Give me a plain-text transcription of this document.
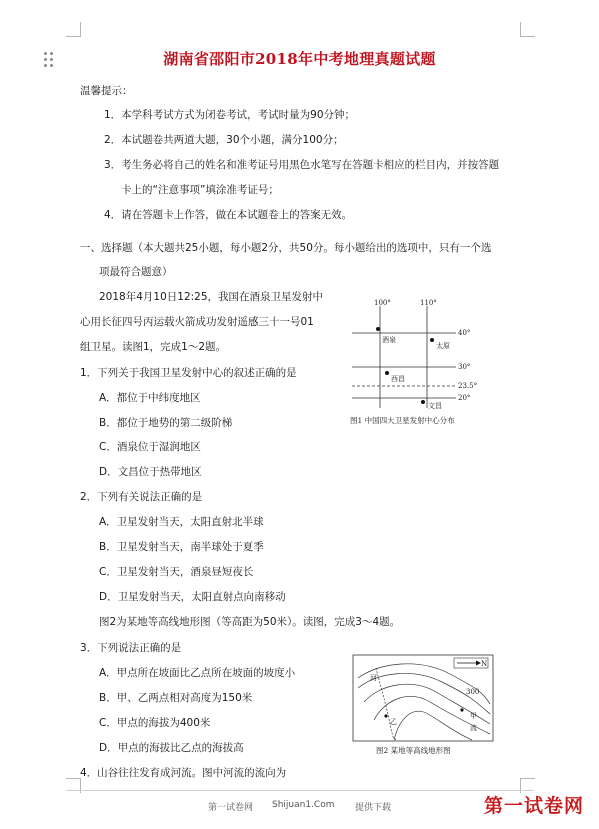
湖南省邵阳市2018年中考地理真题试题
温馨提示：
1．本学科考试方式为闭卷考试，考试时量为90分钟；
2．本试题卷共两道大题，30个小题，满分100分；
3．考生务必将自己的姓名和准考证号用黑色水笔写在答题卡相应的栏目内，并按答题
卡上的“注意事项”填涂准考证号；
4．请在答题卡上作答，做在本试题卷上的答案无效。
一、选择题（本大题共25小题，每小题2分，共50分。每小题给出的选项中，只有一个选
项最符合题意）
2018年4月10日12:25，我国在酒泉卫星发射中
心用长征四号丙运载火箭成功发射遥感三十一号01
组卫星。读图1，完成1～2题。
1．下列关于我国卫星发射中心的叙述正确的是
A．都位于中纬度地区
B．都位于地势的第二级阶梯
C．酒泉位于湿润地区
D．文昌位于热带地区
2．下列有关说法正确的是
A．卫星发射当天，太阳直射北半球
B．卫星发射当天，南半球处于夏季
C．卫星发射当天，酒泉昼短夜长
D．卫星发射当天，太阳直射点向南移动
图2为某地等高线地形图（等高距为50米）。读图，完成3～4题。
3．下列说法正确的是
A．甲点所在坡面比乙点所在坡面的坡度小
B．甲、乙两点相对高度为150米
C．甲点的海拔为400米
D．甲点的海拔比乙点的海拔高
4．山谷往往发育成河流。图中河流的流向为
100°	110°
40°
30°
23.5°
20°
酒泉
太原
西昌
文昌
图1 中国四大卫星发射中心分布
N
300
河
乙
甲
流
图2 某地等高线地形图
第一试卷网 Shijuan1.Com 提供下载	第一试卷网
